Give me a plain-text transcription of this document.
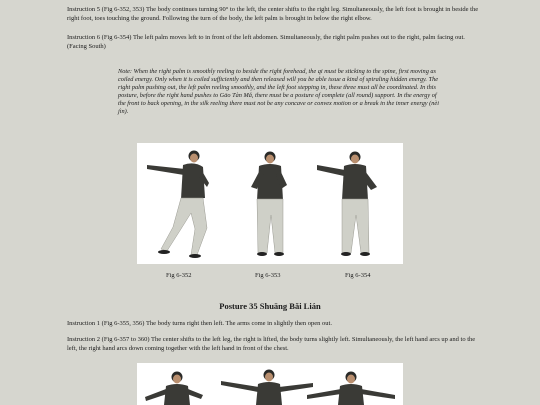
Instruction 5 (Fig 6-352, 353) The body continues turning 90° to the left, the center shifts to the right leg. Simultaneously, the left foot is brought in beside the right foot, toes touching the ground. Following the turn of the body, the left palm is brought in below the right elbow.

Instruction 6 (Fig 6-354) The left palm moves left to in front of the left abdomen. Simultaneously, the right palm pushes out to the right, palm facing out. (Facing South)

Note: When the right palm is smoothly reeling to beside the right forehead, the qi must be sticking to the spine, first moving as coiled energy. Only when it is coiled sufficiently and then released will you be able issue a kind of spiraling hidden energy. The right palm pushing out, the left palm reeling smoothly, and the left foot stepping in, these three must all be coordinated. In this posture, before the right hand pushes to Gāo Tàn Mǎ, there must be a posture of complete (all round) support. In the energy of the front to back opening, in the silk reeling there must not be any concave or convex motion or a break in the inner energy (nèi jìn).

Fig 6-352	Fig 6-353	Fig 6-354
Posture 35 Shuāng Bǎi Lián

Instruction 1 (Fig 6-355, 356) The body turns right then left. The arms come in slightly then open out.

Instruction 2 (Fig 6-357 to 360) The center shifts to the left leg, the right is lifted, the body turns slightly left. Simultaneously, the left hand arcs up and to the left, the right hand arcs down coming together with the left hand in front of the chest.
